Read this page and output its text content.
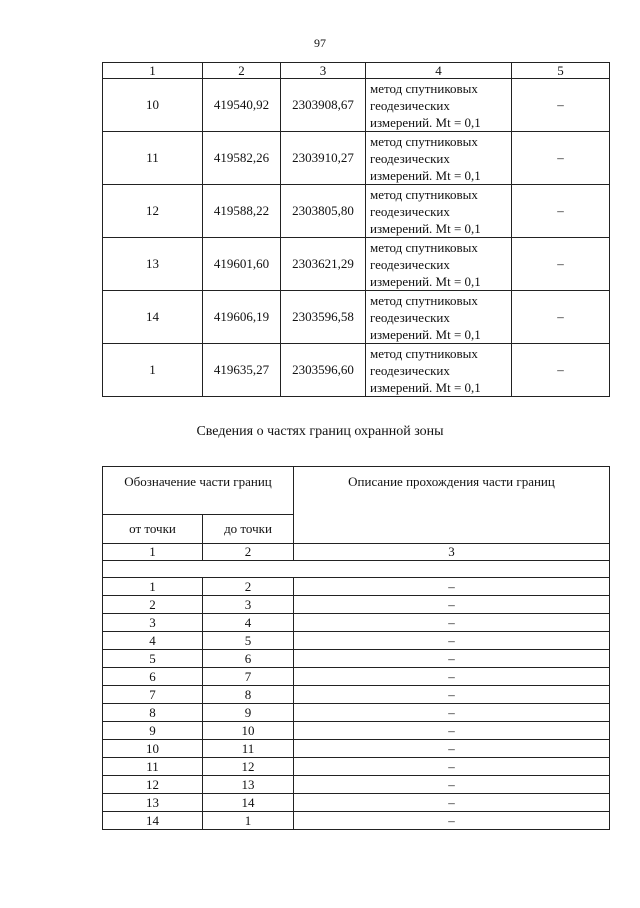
97
1	2	3	4	5
10	419540,92	2303908,67	метод спутниковых
геодезических
измерений. Mt = 0,1	–
11	419582,26	2303910,27	метод спутниковых
геодезических
измерений. Mt = 0,1	–
12	419588,22	2303805,80	метод спутниковых
геодезических
измерений. Mt = 0,1	–
13	419601,60	2303621,29	метод спутниковых
геодезических
измерений. Mt = 0,1	–
14	419606,19	2303596,58	метод спутниковых
геодезических
измерений. Mt = 0,1	–
1	419635,27	2303596,60	метод спутниковых
геодезических
измерений. Mt = 0,1	–
Сведения о частях границ охранной зоны
Обозначение части границ		Описание прохождения части границ
от точки	до точки	
1	2	3

1	2	–
2	3	–
3	4	–
4	5	–
5	6	–
6	7	–
7	8	–
8	9	–
9	10	–
10	11	–
11	12	–
12	13	–
13	14	–
14	1	–
